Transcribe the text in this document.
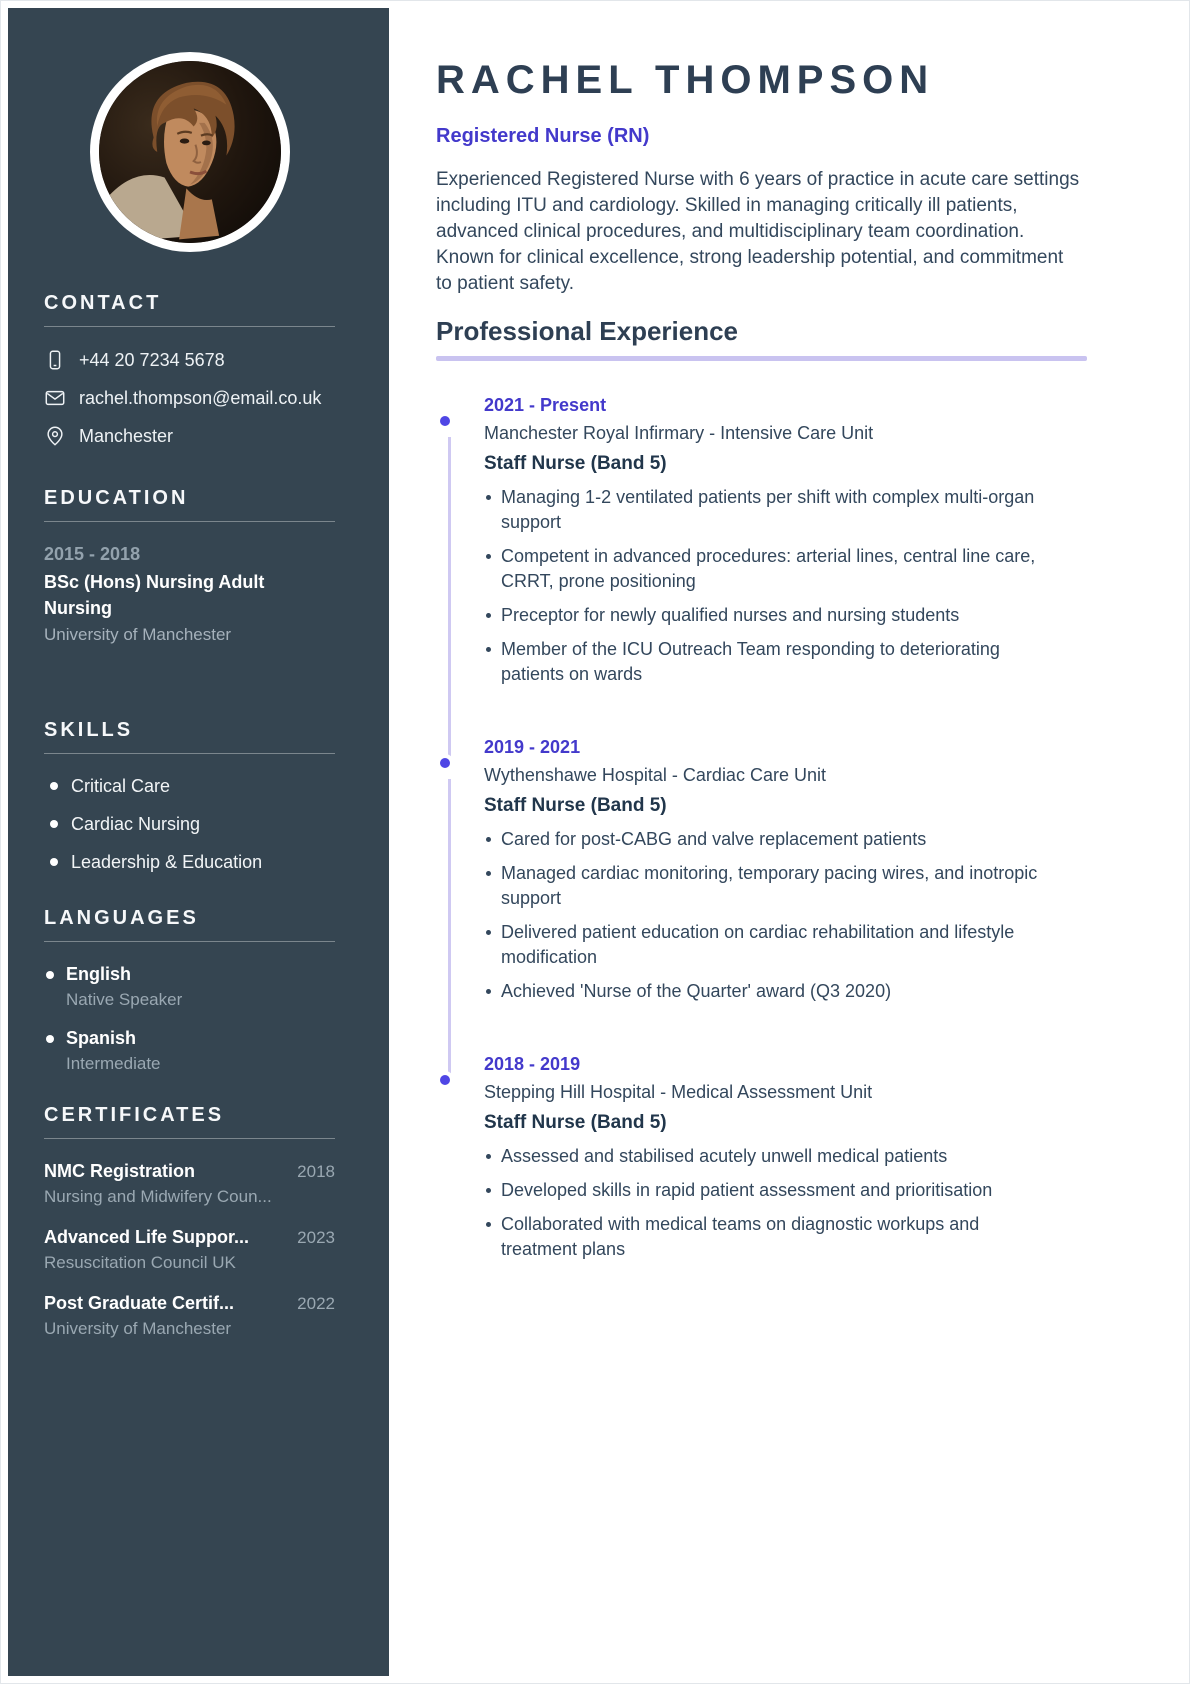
CONTACT
+44 20 7234 5678
rachel.thompson@email.co.uk
Manchester
EDUCATION
2015 - 2018
BSc (Hons) Nursing Adult Nursing
University of Manchester
SKILLS
Critical Care
Cardiac Nursing
Leadership & Education
LANGUAGES
English
Native Speaker
Spanish
Intermediate
CERTIFICATES
NMC Registration	2018
Nursing and Midwifery Coun...
Advanced Life Suppor...	2023
Resuscitation Council UK
Post Graduate Certif...	2022
University of Manchester
RACHEL THOMPSON
Registered Nurse (RN)

Experienced Registered Nurse with 6 years of practice in acute care settings including ITU and cardiology. Skilled in managing critically ill patients, advanced clinical procedures, and multidisciplinary team coordination. Known for clinical excellence, strong leadership potential, and commitment to patient safety.

Professional Experience
2021 - Present
Manchester Royal Infirmary - Intensive Care Unit
Staff Nurse (Band 5)
Managing 1-2 ventilated patients per shift with complex multi-organ support
Competent in advanced procedures: arterial lines, central line care, CRRT, prone positioning
Preceptor for newly qualified nurses and nursing students
Member of the ICU Outreach Team responding to deteriorating patients on wards
2019 - 2021
Wythenshawe Hospital - Cardiac Care Unit
Staff Nurse (Band 5)
Cared for post-CABG and valve replacement patients
Managed cardiac monitoring, temporary pacing wires, and inotropic support
Delivered patient education on cardiac rehabilitation and lifestyle modification
Achieved 'Nurse of the Quarter' award (Q3 2020)
2018 - 2019
Stepping Hill Hospital - Medical Assessment Unit
Staff Nurse (Band 5)
Assessed and stabilised acutely unwell medical patients
Developed skills in rapid patient assessment and prioritisation
Collaborated with medical teams on diagnostic workups and treatment plans
